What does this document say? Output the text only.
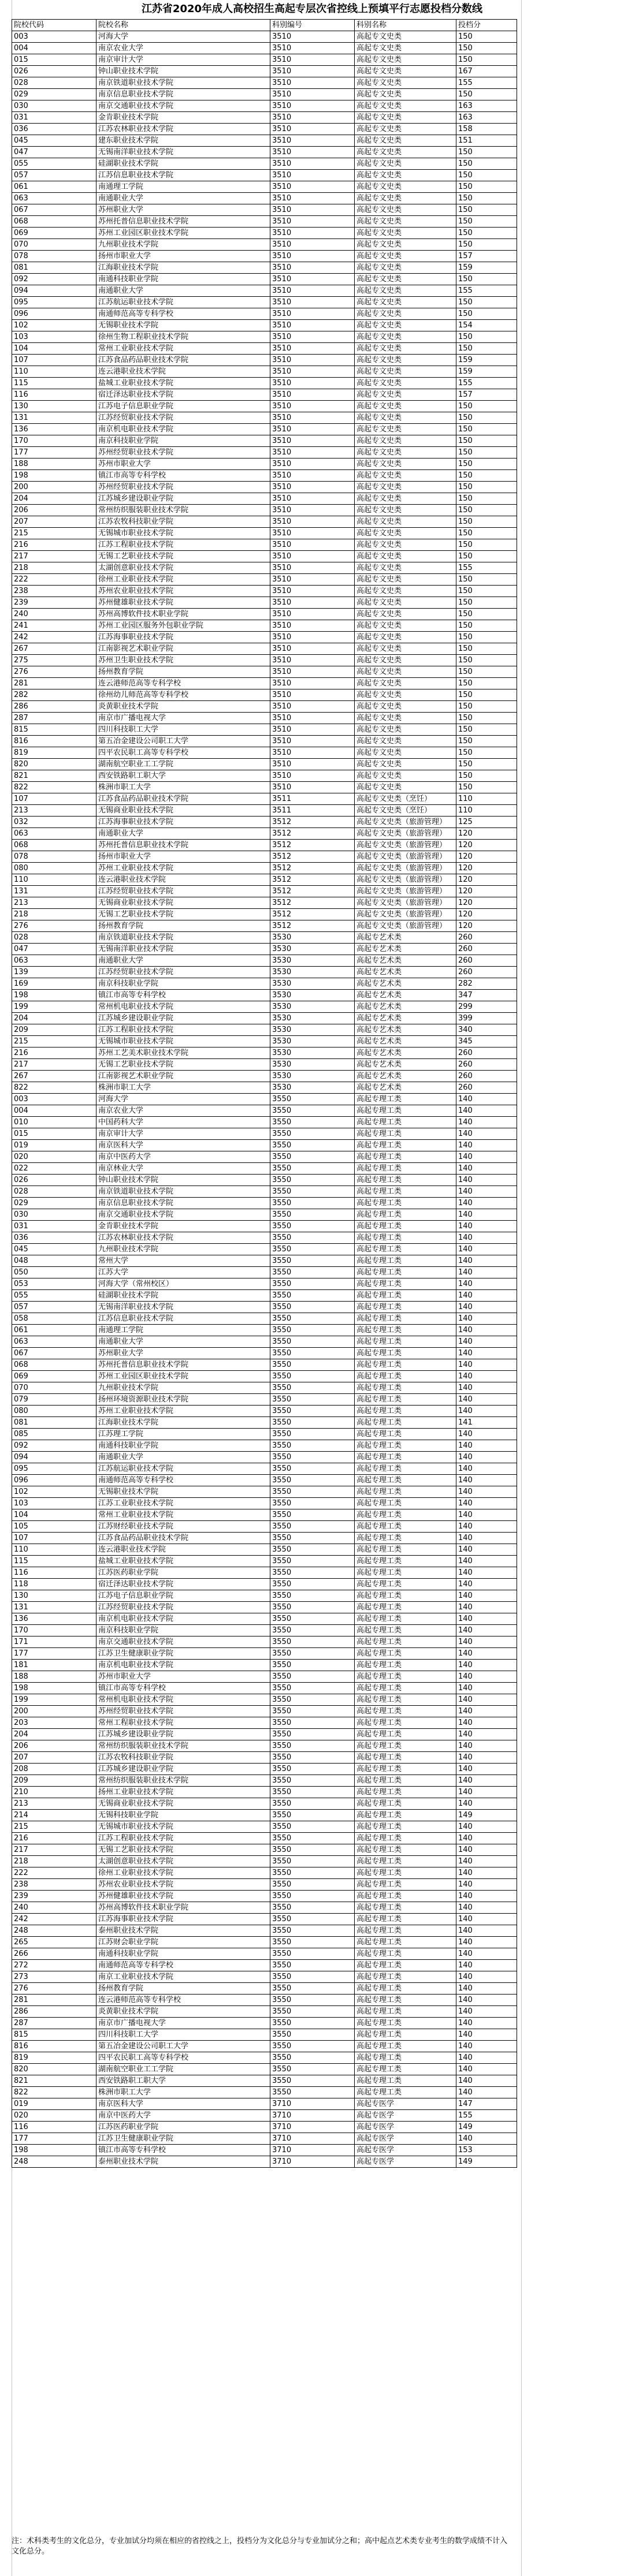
江苏省2020年成人高校招生高起专层次省控线上预填平行志愿投档分数线
院校代码	院校名称	科别编号	科别名称	投档分
003	河海大学	3510	高起专文史类	150
004	南京农业大学	3510	高起专文史类	150
015	南京审计大学	3510	高起专文史类	150
026	钟山职业技术学院	3510	高起专文史类	167
028	南京铁道职业技术学院	3510	高起专文史类	155
029	南京信息职业技术学院	3510	高起专文史类	150
030	南京交通职业技术学院	3510	高起专文史类	163
031	金肯职业技术学院	3510	高起专文史类	163
036	江苏农林职业技术学院	3510	高起专文史类	158
045	建东职业技术学院	3510	高起专文史类	151
047	无锡南洋职业技术学院	3510	高起专文史类	150
055	硅湖职业技术学院	3510	高起专文史类	150
057	江苏信息职业技术学院	3510	高起专文史类	150
061	南通理工学院	3510	高起专文史类	150
063	南通职业大学	3510	高起专文史类	150
067	苏州职业大学	3510	高起专文史类	150
068	苏州托普信息职业技术学院	3510	高起专文史类	150
069	苏州工业园区职业技术学院	3510	高起专文史类	150
070	九州职业技术学院	3510	高起专文史类	150
078	扬州市职业大学	3510	高起专文史类	157
081	江海职业技术学院	3510	高起专文史类	159
092	南通科技职业学院	3510	高起专文史类	150
094	南通职业大学	3510	高起专文史类	155
095	江苏航运职业技术学院	3510	高起专文史类	150
096	南通师范高等专科学校	3510	高起专文史类	150
102	无锡职业技术学院	3510	高起专文史类	154
103	徐州生物工程职业技术学院	3510	高起专文史类	150
104	常州工业职业技术学院	3510	高起专文史类	150
107	江苏食品药品职业技术学院	3510	高起专文史类	159
110	连云港职业技术学院	3510	高起专文史类	159
115	盐城工业职业技术学院	3510	高起专文史类	155
116	宿迁泽达职业技术学院	3510	高起专文史类	157
130	江苏电子信息职业学院	3510	高起专文史类	150
131	江苏经贸职业技术学院	3510	高起专文史类	150
136	南京机电职业技术学院	3510	高起专文史类	150
170	南京科技职业学院	3510	高起专文史类	150
177	苏州经贸职业技术学院	3510	高起专文史类	150
188	苏州市职业大学	3510	高起专文史类	150
198	镇江市高等专科学校	3510	高起专文史类	150
200	苏州经贸职业技术学院	3510	高起专文史类	150
204	江苏城乡建设职业学院	3510	高起专文史类	150
206	常州纺织服装职业技术学院	3510	高起专文史类	150
207	江苏农牧科技职业学院	3510	高起专文史类	150
215	无锡城市职业技术学院	3510	高起专文史类	150
216	江苏工程职业技术学院	3510	高起专文史类	150
217	无锡工艺职业技术学院	3510	高起专文史类	150
218	太湖创意职业技术学院	3510	高起专文史类	155
222	徐州工业职业技术学院	3510	高起专文史类	150
238	苏州农业职业技术学院	3510	高起专文史类	150
239	苏州健雄职业技术学院	3510	高起专文史类	150
240	苏州高博软件技术职业学院	3510	高起专文史类	150
241	苏州工业园区服务外包职业学院	3510	高起专文史类	150
242	江苏海事职业技术学院	3510	高起专文史类	150
267	江南影视艺术职业学院	3510	高起专文史类	150
275	苏州卫生职业技术学院	3510	高起专文史类	150
276	扬州教育学院	3510	高起专文史类	150
281	连云港师范高等专科学校	3510	高起专文史类	150
282	徐州幼儿师范高等专科学校	3510	高起专文史类	150
286	炎黄职业技术学院	3510	高起专文史类	150
287	南京市广播电视大学	3510	高起专文史类	150
815	四川科技职工大学	3510	高起专文史类	150
816	第五冶金建设公司职工大学	3510	高起专文史类	150
819	四平农民职工高等专科学校	3510	高起专文史类	150
820	湖南航空职业工工学院	3510	高起专文史类	150
821	西安铁路职工职大学	3510	高起专文史类	150
822	株洲市职工大学	3510	高起专文史类	150
107	江苏食品药品职业技术学院	3511	高起专文史类（烹饪）	110
213	无锡商业职业技术学院	3511	高起专文史类（烹饪）	110
032	江苏海事职业技术学院	3512	高起专文史类（旅游管理）	125
063	南通职业大学	3512	高起专文史类（旅游管理）	120
068	苏州托普信息职业技术学院	3512	高起专文史类（旅游管理）	120
078	扬州市职业大学	3512	高起专文史类（旅游管理）	120
080	苏州工业职业技术学院	3512	高起专文史类（旅游管理）	120
110	连云港职业技术学院	3512	高起专文史类（旅游管理）	120
131	江苏经贸职业技术学院	3512	高起专文史类（旅游管理）	120
213	无锡商业职业技术学院	3512	高起专文史类（旅游管理）	120
218	无锡工艺职业技术学院	3512	高起专文史类（旅游管理）	120
276	扬州教育学院	3512	高起专文史类（旅游管理）	120
028	南京铁道职业技术学院	3530	高起专艺术类	260
047	无锡南洋职业技术学院	3530	高起专艺术类	260
063	南通职业大学	3530	高起专艺术类	260
139	江苏经贸职业技术学院	3530	高起专艺术类	260
169	南京科技职业学院	3530	高起专艺术类	282
198	镇江市高等专科学校	3530	高起专艺术类	347
199	常州机电职业技术学院	3530	高起专艺术类	299
204	江苏城乡建设职业学院	3530	高起专艺术类	399
209	江苏工程职业技术学院	3530	高起专艺术类	340
215	无锡城市职业技术学院	3530	高起专艺术类	345
216	苏州工艺美术职业技术学院	3530	高起专艺术类	260
217	无锡工艺职业技术学院	3530	高起专艺术类	260
267	江南影视艺术职业学院	3530	高起专艺术类	260
822	株洲市职工大学	3530	高起专艺术类	260
003	河海大学	3550	高起专理工类	140
004	南京农业大学	3550	高起专理工类	140
010	中国药科大学	3550	高起专理工类	140
015	南京审计大学	3550	高起专理工类	140
019	南京医科大学	3550	高起专理工类	140
020	南京中医药大学	3550	高起专理工类	140
022	南京林业大学	3550	高起专理工类	140
026	钟山职业技术学院	3550	高起专理工类	140
028	南京铁道职业技术学院	3550	高起专理工类	140
029	南京信息职业技术学院	3550	高起专理工类	140
030	南京交通职业技术学院	3550	高起专理工类	140
031	金肯职业技术学院	3550	高起专理工类	140
036	江苏农林职业技术学院	3550	高起专理工类	140
045	九州职业技术学院	3550	高起专理工类	140
048	常州大学	3550	高起专理工类	140
050	江苏大学	3550	高起专理工类	140
053	河海大学（常州校区）	3550	高起专理工类	140
055	硅湖职业技术学院	3550	高起专理工类	140
057	无锡南洋职业技术学院	3550	高起专理工类	140
058	江苏信息职业技术学院	3550	高起专理工类	140
061	南通理工学院	3550	高起专理工类	140
063	南通职业大学	3550	高起专理工类	140
067	苏州职业大学	3550	高起专理工类	140
068	苏州托普信息职业技术学院	3550	高起专理工类	140
069	苏州工业园区职业技术学院	3550	高起专理工类	140
070	九州职业技术学院	3550	高起专理工类	140
079	扬州环境资源职业技术学院	3550	高起专理工类	140
080	苏州工业职业技术学院	3550	高起专理工类	140
081	江海职业技术学院	3550	高起专理工类	141
085	江苏理工学院	3550	高起专理工类	140
092	南通科技职业学院	3550	高起专理工类	140
094	南通职业大学	3550	高起专理工类	140
095	江苏航运职业技术学院	3550	高起专理工类	140
096	南通师范高等专科学校	3550	高起专理工类	140
102	无锡职业技术学院	3550	高起专理工类	140
103	江苏工业职业技术学院	3550	高起专理工类	140
104	常州工业职业技术学院	3550	高起专理工类	140
105	江苏财经职业技术学院	3550	高起专理工类	140
107	江苏食品药品职业技术学院	3550	高起专理工类	140
110	连云港职业技术学院	3550	高起专理工类	140
115	盐城工业职业技术学院	3550	高起专理工类	140
116	江苏医药职业学院	3550	高起专理工类	140
118	宿迁泽达职业技术学院	3550	高起专理工类	140
130	江苏电子信息职业学院	3550	高起专理工类	140
131	江苏经贸职业技术学院	3550	高起专理工类	140
136	南京机电职业技术学院	3550	高起专理工类	140
170	南京科技职业学院	3550	高起专理工类	140
171	南京交通职业技术学院	3550	高起专理工类	140
177	江苏卫生健康职业学院	3550	高起专理工类	140
181	南京机电职业技术学院	3550	高起专理工类	140
188	苏州市职业大学	3550	高起专理工类	140
198	镇江市高等专科学校	3550	高起专理工类	140
199	常州机电职业技术学院	3550	高起专理工类	140
200	苏州经贸职业技术学院	3550	高起专理工类	140
203	常州工程职业技术学院	3550	高起专理工类	140
204	江苏城乡建设职业学院	3550	高起专理工类	140
206	常州纺织服装职业技术学院	3550	高起专理工类	140
207	江苏农牧科技职业学院	3550	高起专理工类	140
208	江苏城乡建设职业学院	3550	高起专理工类	140
209	常州纺织服装职业技术学院	3550	高起专理工类	140
210	扬州工业职业技术学院	3550	高起专理工类	140
213	无锡商业职业技术学院	3550	高起专理工类	140
214	无锡科技职业学院	3550	高起专理工类	149
215	无锡城市职业技术学院	3550	高起专理工类	140
216	江苏工程职业技术学院	3550	高起专理工类	140
217	无锡工艺职业技术学院	3550	高起专理工类	140
218	太湖创意职业技术学院	3550	高起专理工类	140
222	徐州工业职业技术学院	3550	高起专理工类	140
238	苏州农业职业技术学院	3550	高起专理工类	140
239	苏州健雄职业技术学院	3550	高起专理工类	140
240	苏州高博软件技术职业学院	3550	高起专理工类	140
242	江苏海事职业技术学院	3550	高起专理工类	140
248	泰州职业技术学院	3550	高起专理工类	140
265	江苏财会职业学院	3550	高起专理工类	140
266	南通科技职业学院	3550	高起专理工类	140
272	南通师范高等专科学校	3550	高起专理工类	140
273	南京工业职业技术学院	3550	高起专理工类	140
276	扬州教育学院	3550	高起专理工类	140
281	连云港师范高等专科学校	3550	高起专理工类	140
286	炎黄职业技术学院	3550	高起专理工类	140
287	南京市广播电视大学	3550	高起专理工类	140
815	四川科技职工大学	3550	高起专理工类	140
816	第五冶金建设公司职工大学	3550	高起专理工类	140
819	四平农民职工高等专科学校	3550	高起专理工类	140
820	湖南航空职业工工学院	3550	高起专理工类	140
821	西安铁路职工职大学	3550	高起专理工类	140
822	株洲市职工大学	3550	高起专理工类	140
019	南京医科大学	3710	高起专医学	147
020	南京中医药大学	3710	高起专医学	155
116	江苏医药职业学院	3710	高起专医学	149
177	江苏卫生健康职业学院	3710	高起专医学	140
198	镇江市高等专科学校	3710	高起专医学	153
248	泰州职业技术学院	3710	高起专医学	149
注：术科类考生的文化总分，专业加试分均须在相应的省控线之上，投档分为文化总分与专业加试分之和；高中起点艺术类专业考生的数学成绩不计入文化总分。
